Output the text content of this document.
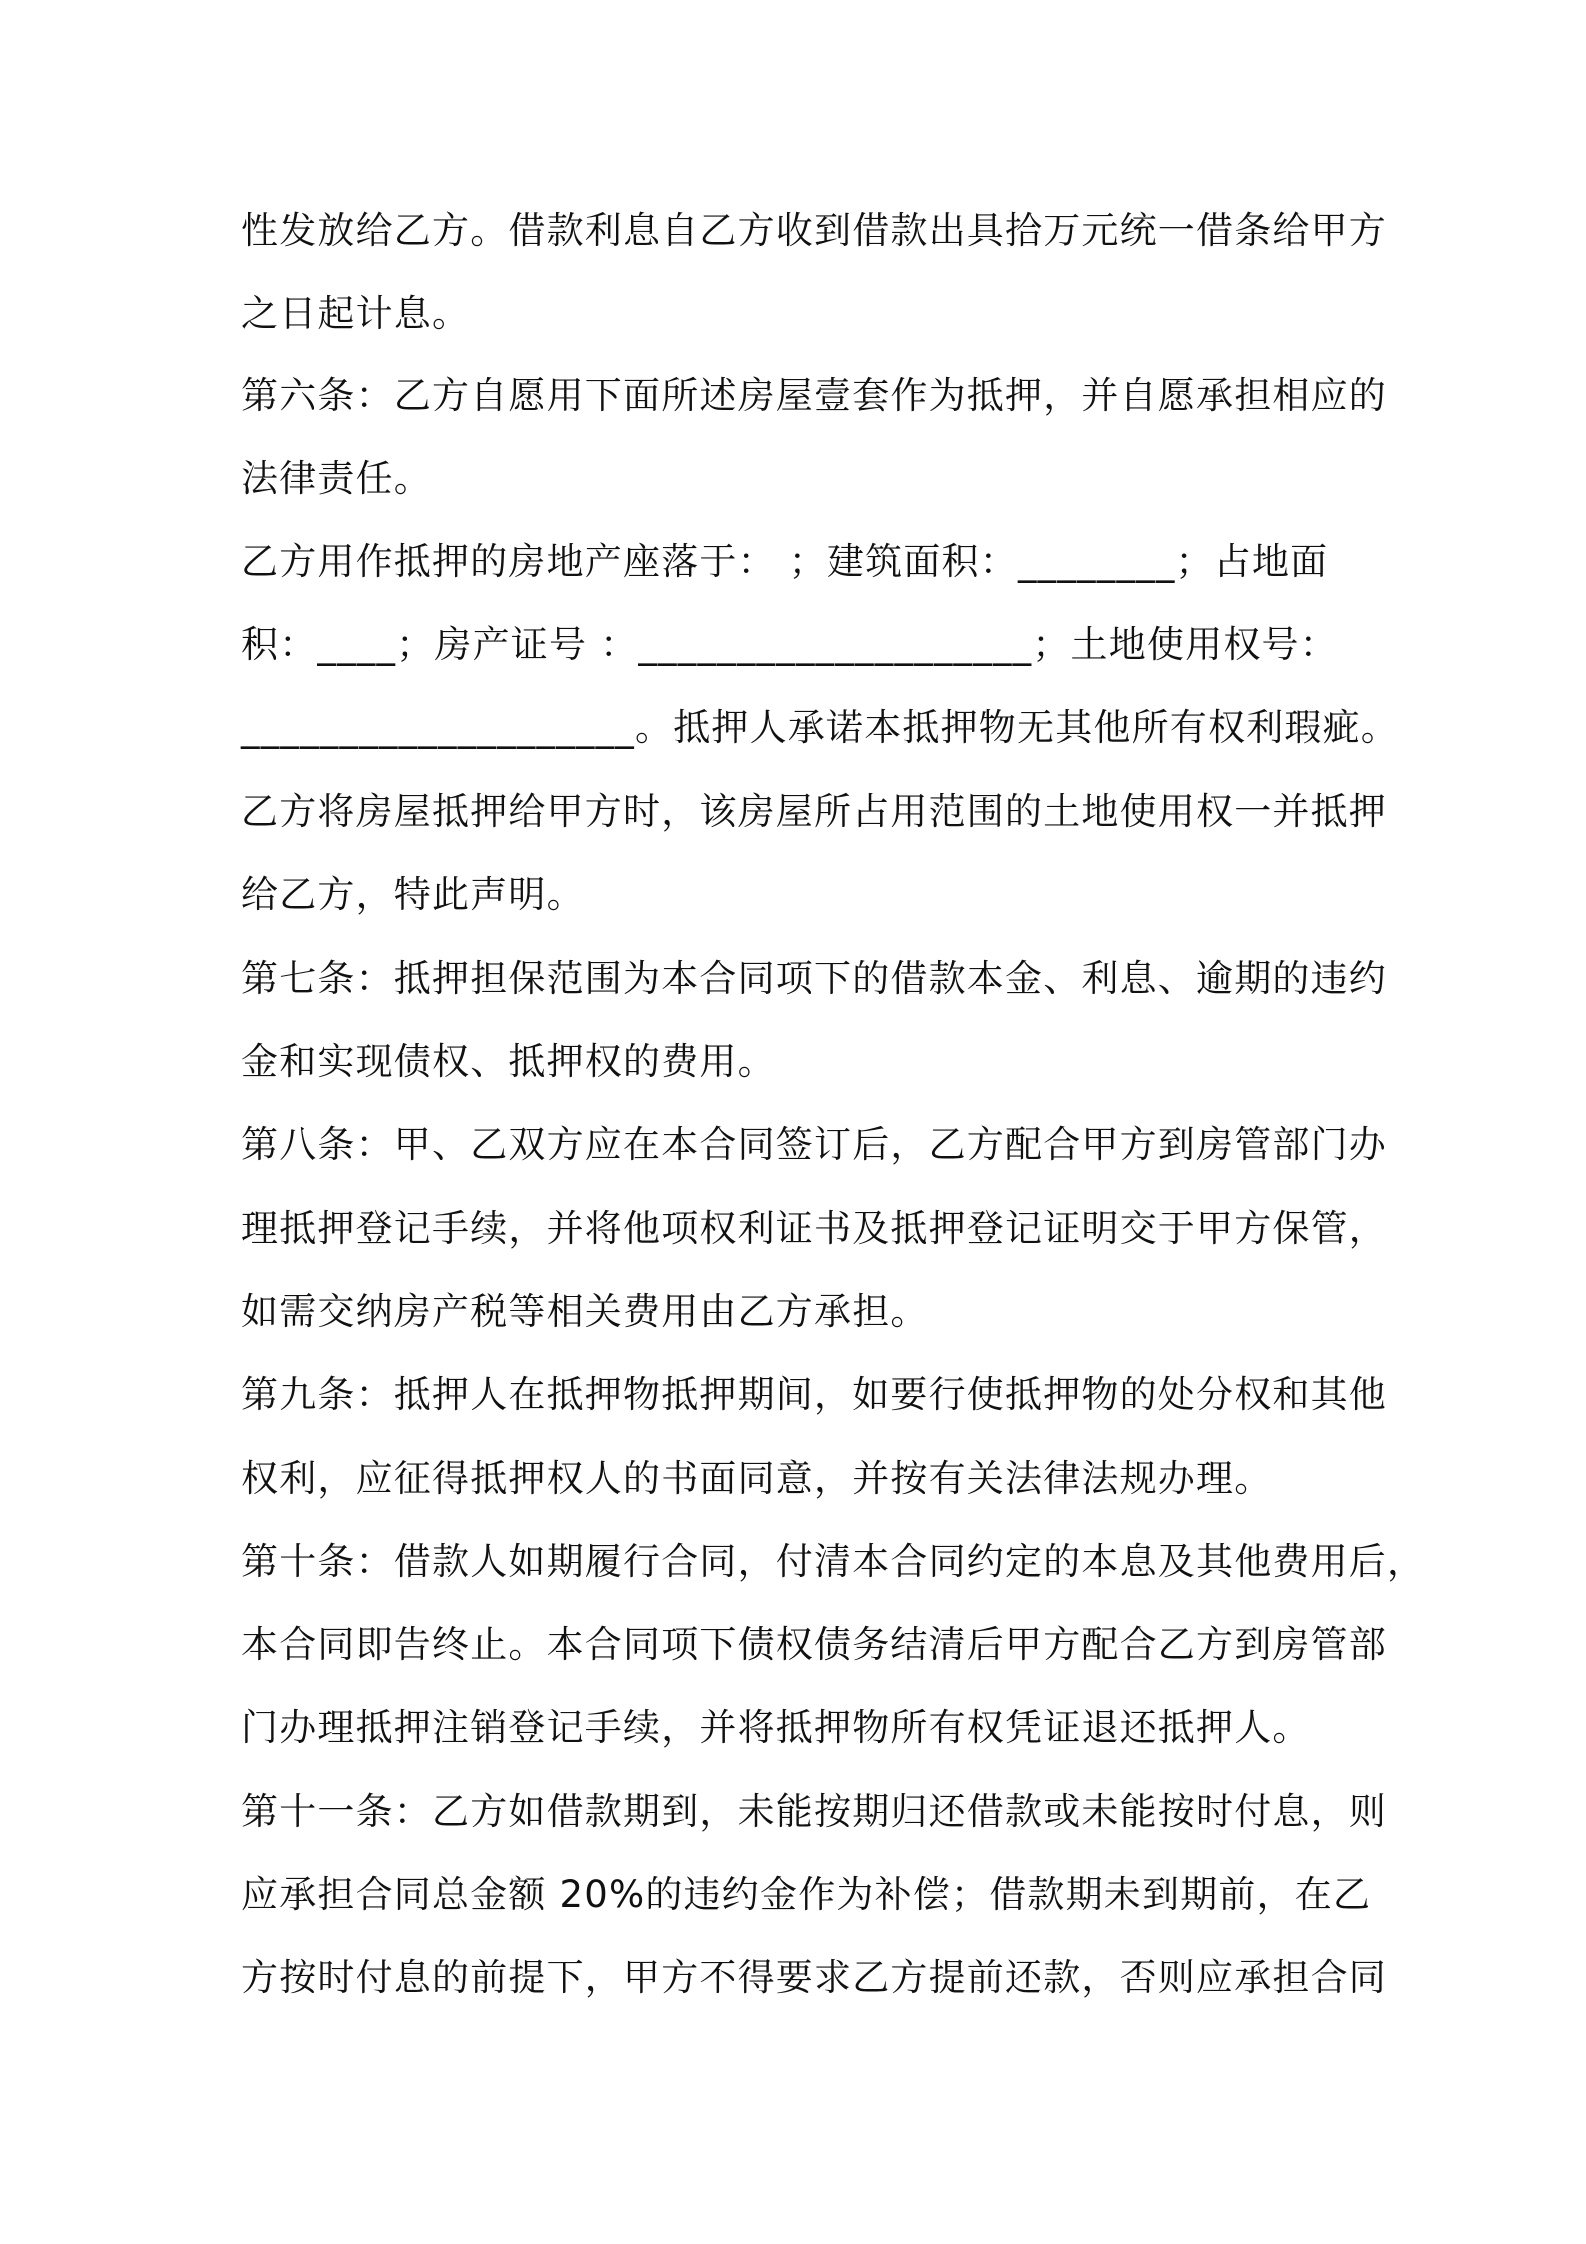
性发放给乙方。借款利息自乙方收到借款出具拾万元统一借条给甲方

之日起计息。

第六条：乙方自愿用下面所述房屋壹套作为抵押，并自愿承担相应的

法律责任。

乙方用作抵押的房地产座落于： ；建筑面积：________；占地面

积：____；房产证号 ：____________________；土地使用权号：

____________________。抵押人承诺本抵押物无其他所有权利瑕疵。

乙方将房屋抵押给甲方时，该房屋所占用范围的土地使用权一并抵押

给乙方，特此声明。

第七条：抵押担保范围为本合同项下的借款本金、利息、逾期的违约

金和实现债权、抵押权的费用。

第八条：甲、乙双方应在本合同签订后，乙方配合甲方到房管部门办

理抵押登记手续，并将他项权利证书及抵押登记证明交于甲方保管，

如需交纳房产税等相关费用由乙方承担。

第九条：抵押人在抵押物抵押期间，如要行使抵押物的处分权和其他

权利，应征得抵押权人的书面同意，并按有关法律法规办理。

第十条：借款人如期履行合同，付清本合同约定的本息及其他费用后，

本合同即告终止。本合同项下债权债务结清后甲方配合乙方到房管部

门办理抵押注销登记手续，并将抵押物所有权凭证退还抵押人。

第十一条：乙方如借款期到，未能按期归还借款或未能按时付息，则

应承担合同总金额 20%的违约金作为补偿；借款期未到期前，在乙

方按时付息的前提下，甲方不得要求乙方提前还款，否则应承担合同
